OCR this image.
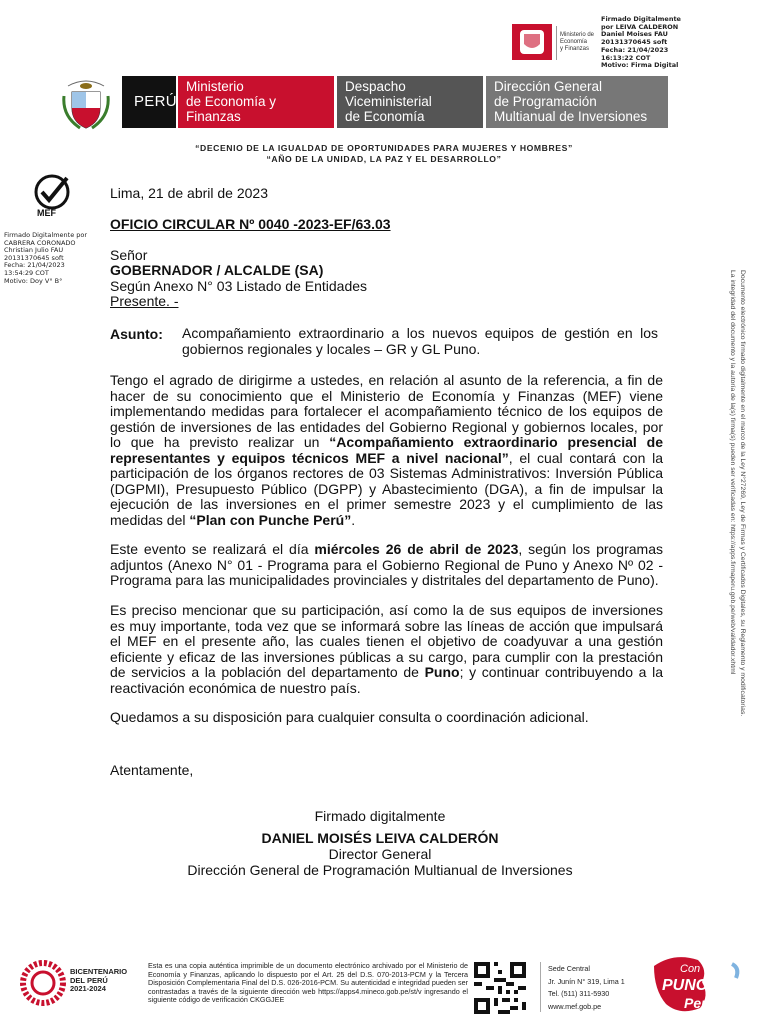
Ministerio de
Economía
y Finanzas
Firmado Digitalmente
por LEIVA CALDERON
Daniel Moises FAU
20131370645 soft
Fecha: 21/04/2023
16:13:22 COT
Motivo: Firma Digital
PERÚ
Ministerio
de Economía y
Finanzas
Despacho
Viceministerial
de Economía
Dirección General
de Programación
Multianual de Inversiones
“DECENIO DE LA IGUALDAD DE OPORTUNIDADES PARA MUJERES Y HOMBRES”
“AÑO DE LA UNIDAD, LA PAZ Y EL DESARROLLO”
MEF
Firmado Digitalmente por
CABRERA CORONADO
Christian Julio FAU
20131370645 soft
Fecha: 21/04/2023
13:54:29 COT
Motivo: Doy V° B°	Documento electrónico firmado digitalmente en el marco de la Ley N°27269, Ley de Firmas y Certificados Digitales, su Reglamento y modificatorias.
La integridad del documento y la autoría de la(s) firma(s) pueden ser verificadas en: https://apps.firmaperu.gob.pe/web/validador.xhtml
Lima, 21 de abril de 2023
OFICIO CIRCULAR Nº 0040 -2023-EF/63.03
Señor
GOBERNADOR / ALCALDE (SA)
Según Anexo N° 03 Listado de Entidades
Presente. -
Asunto: Acompañamiento extraordinario a los nuevos equipos de gestión en los gobiernos regionales y locales – GR y GL Puno.
Tengo el agrado de dirigirme a ustedes, en relación al asunto de la referencia, a fin de hacer de su conocimiento que el Ministerio de Economía y Finanzas (MEF) viene implementando medidas para fortalecer el acompañamiento técnico de los equipos de gestión de inversiones de las entidades del Gobierno Regional y gobiernos locales, por lo que ha previsto realizar un “Acompañamiento extraordinario presencial de representantes y equipos técnicos MEF a nivel nacional”, el cual contará con la participación de los órganos rectores de 03 Sistemas Administrativos: Inversión Pública (DGPMI), Presupuesto Público (DGPP) y Abastecimiento (DGA), a fin de impulsar la ejecución de las inversiones en el primer semestre 2023 y el cumplimiento de las medidas del “Plan con Punche Perú”.
Este evento se realizará el día miércoles 26 de abril de 2023, según los programas adjuntos (Anexo N° 01 - Programa para el Gobierno Regional de Puno y Anexo Nº 02 - Programa para las municipalidades provinciales y distritales del departamento de Puno).
Es preciso mencionar que su participación, así como la de sus equipos de inversiones es muy importante, toda vez que se informará sobre las líneas de acción que impulsará el MEF en el presente año, las cuales tienen el objetivo de coadyuvar a una gestión eficiente y eficaz de las inversiones públicas a su cargo, para cumplir con la prestación de servicios a la población del departamento de Puno; y continuar contribuyendo a la reactivación económica de nuestro país.
Quedamos a su disposición para cualquier consulta o coordinación adicional.
Atentamente,
Firmado digitalmente
DANIEL MOISÉS LEIVA CALDERÓN
Director General
Dirección General de Programación Multianual de Inversiones
BICENTENARIO
DEL PERÚ
2021-2024
Esta es una copia auténtica imprimible de un documento electrónico archivado por el Ministerio de Economía y Finanzas, aplicando lo dispuesto por el Art. 25 del D.S. 070-2013-PCM y la Tercera Disposición Complementaria Final del D.S. 026-2016-PCM. Su autenticidad e integridad pueden ser contrastadas a través de la siguiente dirección web https://apps4.mineco.gob.pe/st/v ingresando el siguiente código de verificación CKGGJEE
Sede Central
Jr. Junín N° 319, Lima 1
Tel. (511) 311-5930
www.mef.gob.pe
Con
PUNCHE
Perú
